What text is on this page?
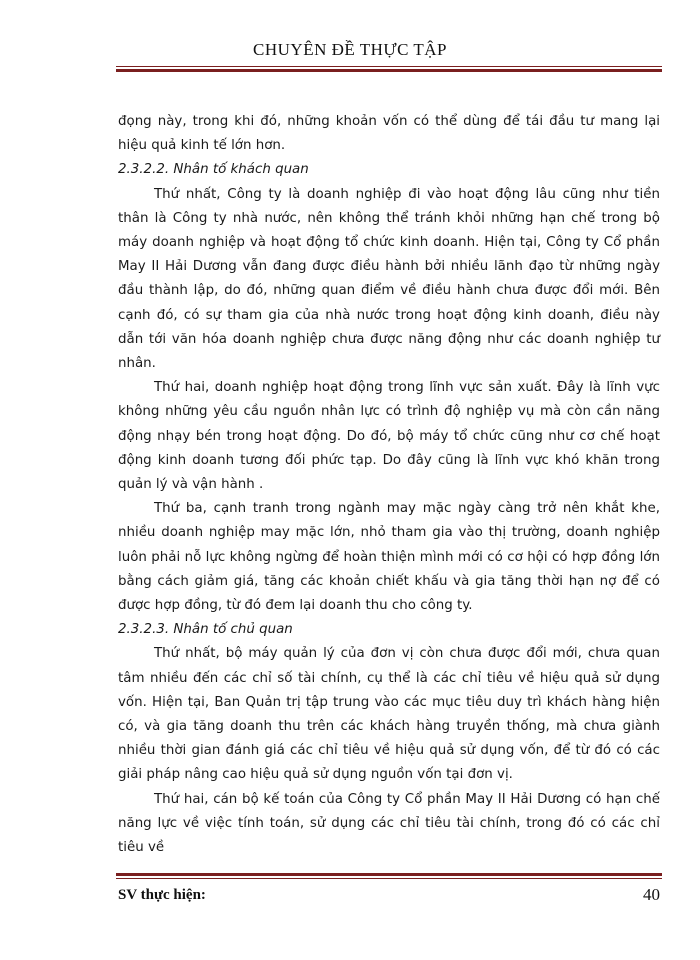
CHUYÊN ĐỀ THỰC TẬP

đọng này, trong khi đó, những khoản vốn có thể dùng để tái đầu tư mang lại hiệu quả kinh tế lớn hơn.

2.3.2.2. Nhân tố khách quan

Thứ nhất, Công ty là doanh nghiệp đi vào hoạt động lâu cũng như tiền thân là Công ty nhà nước, nên không thể tránh khỏi những hạn chế trong bộ máy doanh nghiệp và hoạt động tổ chức kinh doanh. Hiện tại, Công ty Cổ phần May II Hải Dương vẫn đang được điều hành bởi nhiều lãnh đạo từ những ngày đầu thành lập, do đó, những quan điểm về điều hành chưa được đổi mới. Bên cạnh đó, có sự tham gia của nhà nước trong hoạt động kinh doanh, điều này dẫn tới văn hóa doanh nghiệp chưa được năng động như các doanh nghiệp tư nhân.

Thứ hai, doanh nghiệp hoạt động trong lĩnh vực sản xuất. Đây là lĩnh vực không những yêu cầu nguồn nhân lực có trình độ nghiệp vụ mà còn cần năng động nhạy bén trong hoạt động. Do đó, bộ máy tổ chức cũng như cơ chế hoạt động kinh doanh tương đối phức tạp. Do đây cũng là lĩnh vực khó khăn trong quản lý và vận hành .

Thứ ba, cạnh tranh trong ngành may mặc ngày càng trở nên khắt khe, nhiều doanh nghiệp may mặc lớn, nhỏ tham gia vào thị trường, doanh nghiệp luôn phải nỗ lực không ngừng để hoàn thiện mình mới có cơ hội có hợp đồng lớn bằng cách giảm giá, tăng các khoản chiết khấu và gia tăng thời hạn nợ để có được hợp đồng, từ đó đem lại doanh thu cho công ty.

2.3.2.3. Nhân tố chủ quan

Thứ nhất, bộ máy quản lý của đơn vị còn chưa được đổi mới, chưa quan tâm nhiều đến các chỉ số tài chính, cụ thể là các chỉ tiêu về hiệu quả sử dụng vốn. Hiện tại, Ban Quản trị tập trung vào các mục tiêu duy trì khách hàng hiện có, và gia tăng doanh thu trên các khách hàng truyền thống, mà chưa giành nhiều thời gian đánh giá các chỉ tiêu về hiệu quả sử dụng vốn, để từ đó có các giải pháp nâng cao hiệu quả sử dụng nguồn vốn tại đơn vị.

Thứ hai, cán bộ kế toán của Công ty Cổ phần May II Hải Dương có hạn chế năng lực về việc tính toán, sử dụng các chỉ tiêu tài chính, trong đó có các chỉ tiêu về

SV thực hiện:	40
